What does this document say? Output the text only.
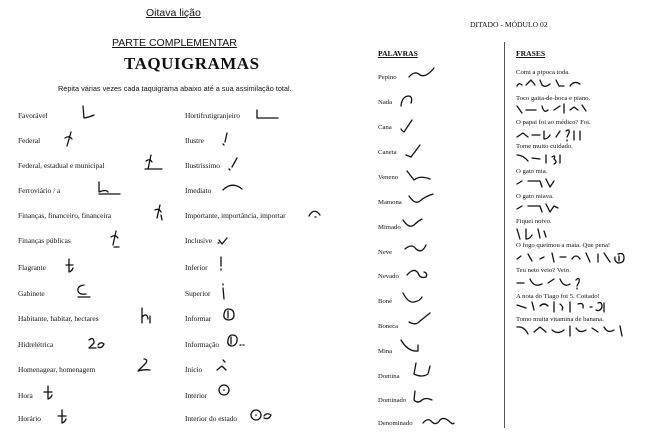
Oitava lição
PARTE COMPLEMENTAR
TAQUIGRAMAS
Repita várias vezes cada taquigrama abaixo até a sua assimilação total.
Favorável
Federal
Federal, estadual e municipal
Ferroviário / a
Finanças, financeiro, financeira
Finanças públicas
Flagrante
Gabinete
Habitante, habitar, hectares
Hidrelétrica
Homenagear, homenagem
Hora
Horário
Hortifrutigranjeiro
Ilustre
Ilustríssimo
Imediato
Importante, importância, importar
Inclusive
Inferior
Superior
Informar
Informação
Início
Interior
Interior do estado
DITADO - MÓDULO 02
PALAVRAS	FRASES
Pepino
Nada
Cana
Caneta
Veneno
Mamona
Mimado
Neve
Nevado
Boné
Boneca
Mina
Domina
Dominado
Denominado
Comi a pipoca toda.
Toco gaita-de-boca e piano.
O papai foi ao médico? Foi.
Tome muito cuidado.
O gato mia.
O gato miava.
Fiquei noivo.
O fogo queimou a mata. Que pena!
Teu neto veio? Veio.
A nota do Tiago foi 5. Coitado!
Tomo muita vitamina de banana.
